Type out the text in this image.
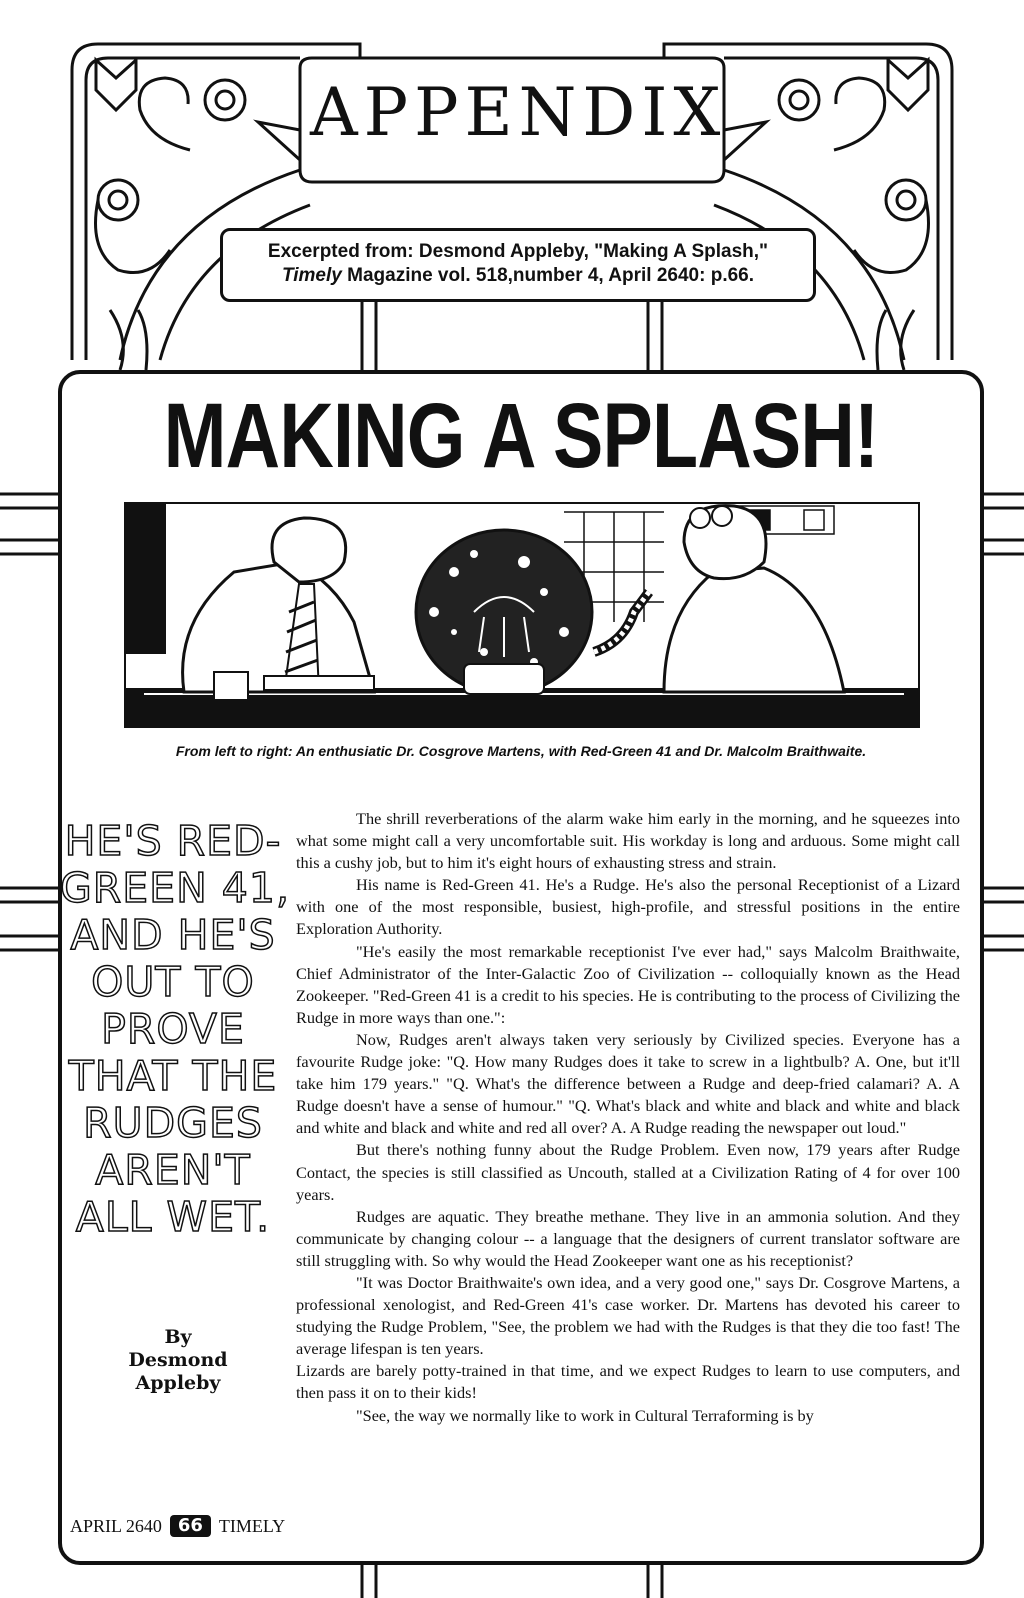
APPENDIX
Excerpted from: Desmond Appleby, "Making A Splash,"
Timely Magazine vol. 518,number 4, April 2640: p.66.
MAKING A SPLASH!
From left to right: An enthusiatic Dr. Cosgrove Martens, with Red-Green 41 and Dr. Malcolm Braithwaite.
HE'S RED-
GREEN 41,
AND HE'S
OUT TO
PROVE
THAT THE
RUDGES
AREN'T
ALL WET.
By
Desmond
Appleby

The shrill reverberations of the alarm wake him early in the morning, and he squeezes into what some might call a very uncomfortable suit. His workday is long and arduous. Some might call this a cushy job, but to him it's eight hours of exhausting stress and strain.

His name is Red-Green 41. He's a Rudge. He's also the personal Receptionist of a Lizard with one of the most responsible, busiest, high-profile, and stressful positions in the entire Exploration Authority.

"He's easily the most remarkable receptionist I've ever had," says Malcolm Braithwaite, Chief Administrator of the Inter-Galactic Zoo of Civilization -- colloquially known as the Head Zookeeper. "Red-Green 41 is a credit to his species. He is contributing to the process of Civilizing the Rudge in more ways than one.":

Now, Rudges aren't always taken very seriously by Civilized species. Everyone has a favourite Rudge joke: "Q. How many Rudges does it take to screw in a lightbulb? A. One, but it'll take him 179 years." "Q. What's the difference between a Rudge and deep-fried calamari? A. A Rudge doesn't have a sense of humour." "Q. What's black and white and black and white and black and white and black and white and red all over? A. A Rudge reading the newspaper out loud."

But there's nothing funny about the Rudge Problem. Even now, 179 years after Rudge Contact, the species is still classified as Uncouth, stalled at a Civilization Rating of 4 for over 100 years.

Rudges are aquatic. They breathe methane. They live in an ammonia solution. And they communicate by changing colour -- a language that the designers of current translator software are still struggling with. So why would the Head Zookeeper want one as his receptionist?

"It was Doctor Braithwaite's own idea, and a very good one," says Dr. Cosgrove Martens, a professional xenologist, and Red-Green 41's case worker. Dr. Martens has devoted his career to studying the Rudge Problem, "See, the problem we had with the Rudges is that they die too fast! The average lifespan is ten years.

Lizards are barely potty-trained in that time, and we expect Rudges to learn to use computers, and then pass it on to their kids!

"See, the way we normally like to work in Cultural Terraforming is by

APRIL 2640 66 TIMELY
